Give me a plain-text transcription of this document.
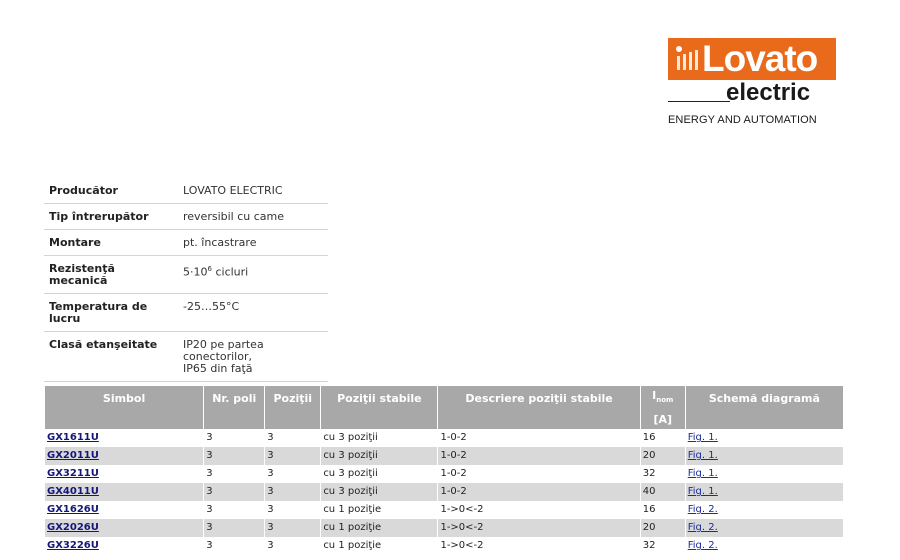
Lovato
electric
ENERGY AND AUTOMATION
Producător	LOVATO ELECTRIC
Tip întrerupător	reversibil cu came
Montare	pt. încastrare
Rezistenţă mecanică	$5\cdot 10^6$ cicluri
Temperatura de lucru	-25…55°C
Clasă etanşeitate	IP20 pe partea conectorilor,
IP65 din faţă
Simbol	Nr. poli	Poziţii	Poziţii stabile	Descriere poziţii stabile	$I_{nom}$	Schemă diagramă
					[A]	
GX1611U	3	3	cu 3 poziţii	1-0-2	16	Fig. 1.
GX2011U	3	3	cu 3 poziţii	1-0-2	20	Fig. 1.
GX3211U	3	3	cu 3 poziţii	1-0-2	32	Fig. 1.
GX4011U	3	3	cu 3 poziţii	1-0-2	40	Fig. 1.
GX1626U	3	3	cu 1 poziţie	1->0<-2	16	Fig. 2.
GX2026U	3	3	cu 1 poziţie	1->0<-2	20	Fig. 2.
GX3226U	3	3	cu 1 poziţie	1->0<-2	32	Fig. 2.
